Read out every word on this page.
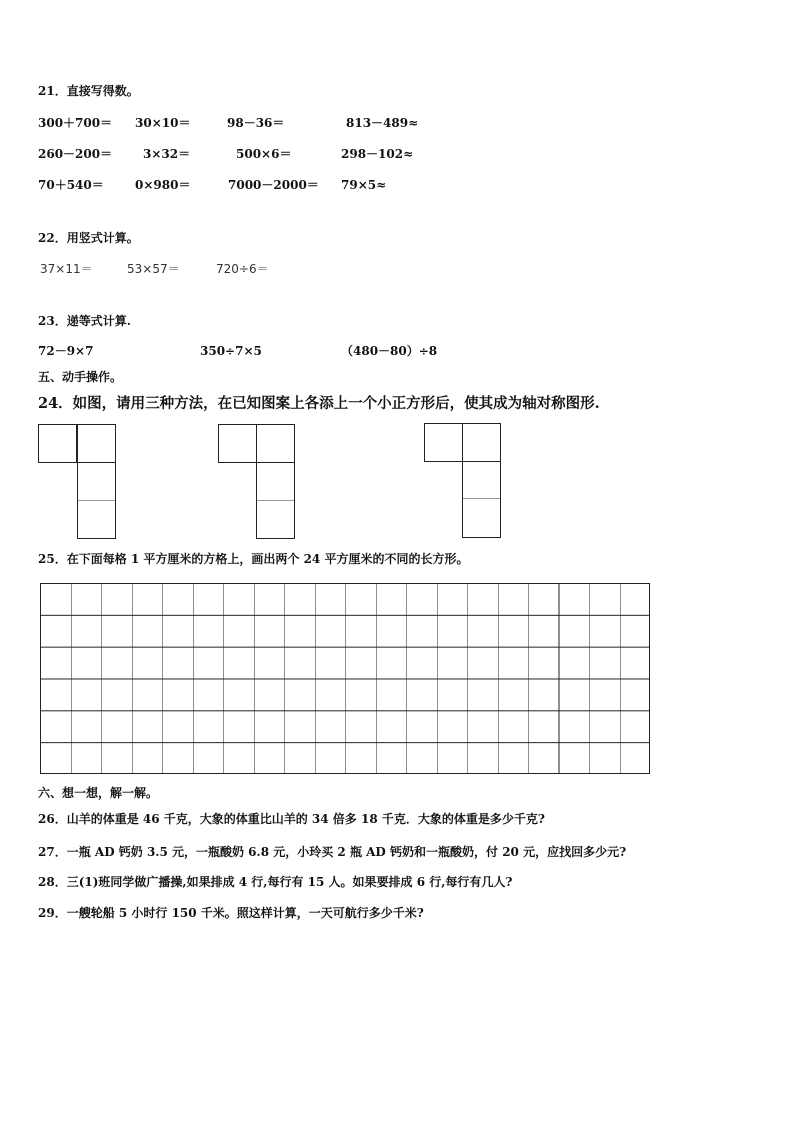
21．直接写得数。
300＋700＝ 30×10＝	98－36＝	813－489≈
260－200＝	3×32＝	500×6＝	298－102≈
70＋540＝	0×980＝	7000－2000＝ 79×5≈
22．用竖式计算。
37×11＝	53×57＝	720÷6＝
23．递等式计算.
72－9×7	350÷7×5	（480－80）÷8
五、动手操作。
24．如图，请用三种方法，在已知图案上各添上一个小正方形后，使其成为轴对称图形.
25．在下面每格 1 平方厘米的方格上，画出两个 24 平方厘米的不同的长方形。
六、想一想，解一解。
26．山羊的体重是 46 千克，大象的体重比山羊的 34 倍多 18 千克．大象的体重是多少千克?
27．一瓶 AD 钙奶 3.5 元，一瓶酸奶 6.8 元，小玲买 2 瓶 AD 钙奶和一瓶酸奶，付 20 元，应找回多少元?
28．三(1)班同学做广播操,如果排成 4 行,每行有 15 人。如果要排成 6 行,每行有几人?
29．一艘轮船 5 小时行 150 千米。照这样计算，一天可航行多少千米?
